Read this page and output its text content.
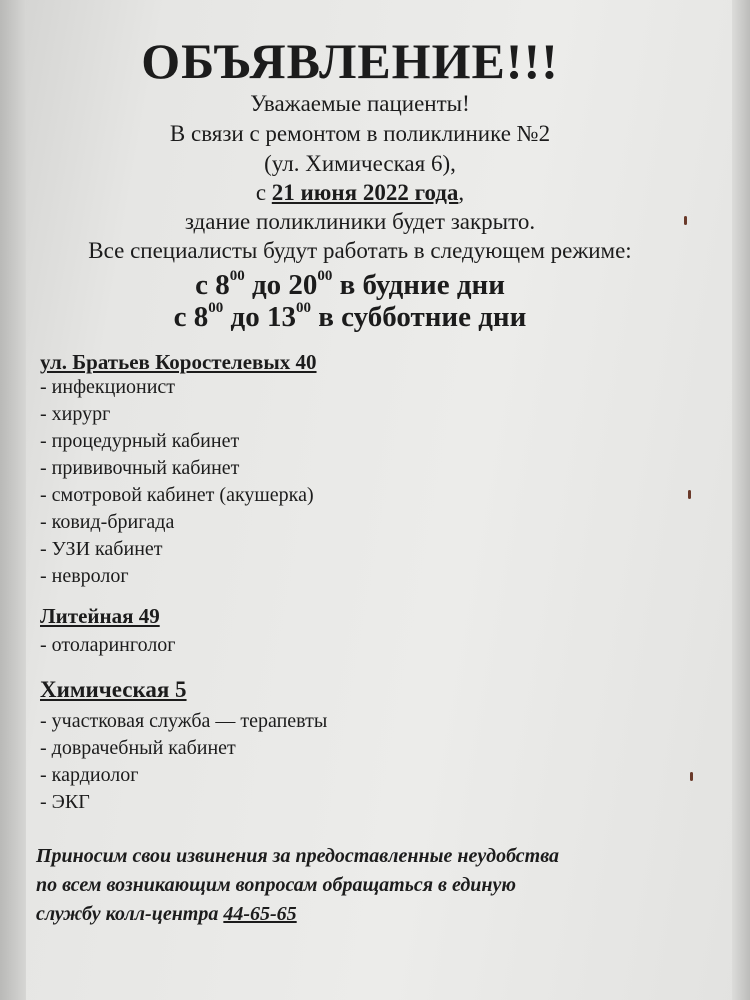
ОБЪЯВЛЕНИЕ!!!
Уважаемые пациенты!
В связи с ремонтом в поликлинике №2
(ул. Химическая 6),
с 21 июня 2022 года,
здание поликлиники будет закрыто.
Все специалисты будут работать в следующем режиме:
с $8^{00}$ до $20^{00}$ в будние дни
с $8^{00}$ до $13^{00}$ в субботние дни
ул. Братьев Коростелевых 40
- инфекционист
- хирург
- процедурный кабинет
- прививочный кабинет
- смотровой кабинет (акушерка)
- ковид-бригада
- УЗИ кабинет
- невролог
Литейная 49
- отоларинголог
Химическая 5
- участковая служба — терапевты
- доврачебный кабинет
- кардиолог
- ЭКГ
Приносим свои извинения за предоставленные неудобства
по всем возникающим вопросам обращаться в единую
службу колл-центра 44-65-65
